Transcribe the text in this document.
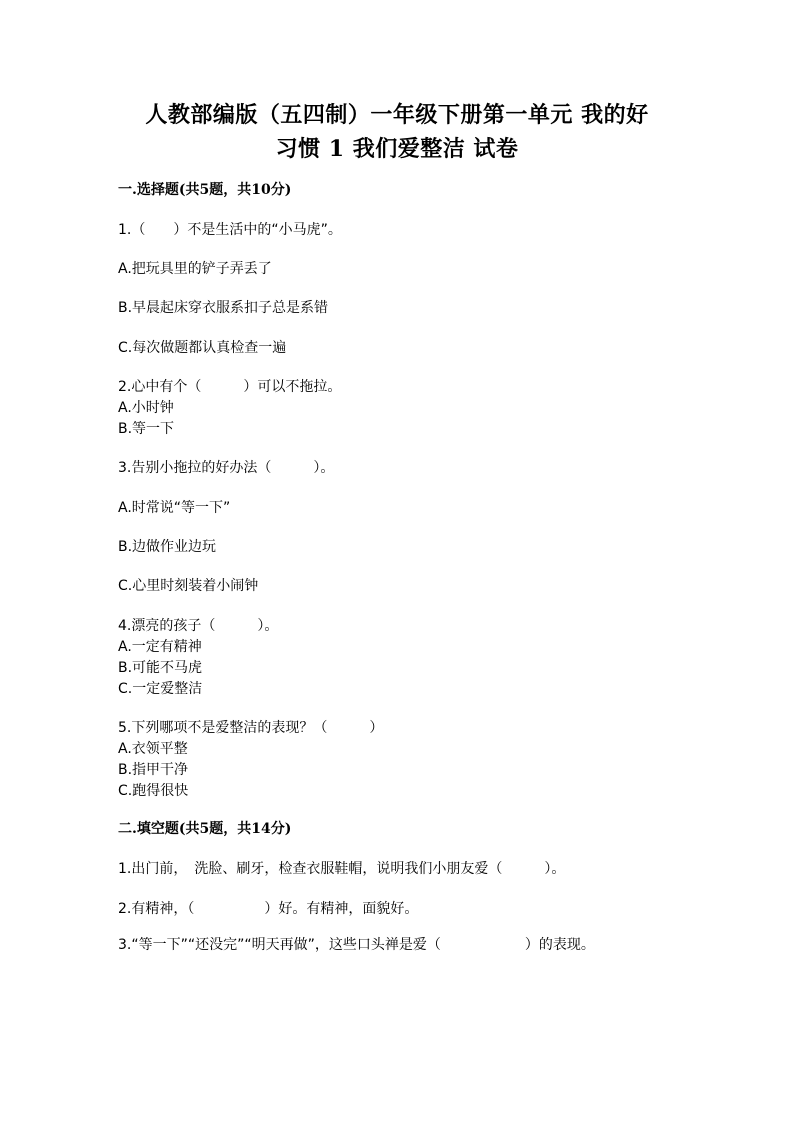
人教部编版（五四制）一年级下册第一单元 我的好
习惯 1 我们爱整洁 试卷
一.选择题(共5题，共10分)
1.（　　）不是生活中的“小马虎”。
A.把玩具里的铲子弄丢了
B.早晨起床穿衣服系扣子总是系错
C.每次做题都认真检查一遍
2.心中有个（　　　）可以不拖拉。
A.小时钟
B.等一下
3.告别小拖拉的好办法（　　　）。
A.时常说“等一下”
B.边做作业边玩
C.心里时刻装着小闹钟
4.漂亮的孩子（　　　）。
A.一定有精神
B.可能不马虎
C.一定爱整洁
5.下列哪项不是爱整洁的表现？（　　　）
A.衣领平整
B.指甲干净
C.跑得很快
二.填空题(共5题，共14分)
1.出门前，　洗脸、刷牙，检查衣服鞋帽，说明我们小朋友爱（　　　）。
2.有精神，（　　　　　）好。有精神，面貌好。
3.“等一下”“还没完”“明天再做”，这些口头禅是爱（　　　　　　）的表现。
